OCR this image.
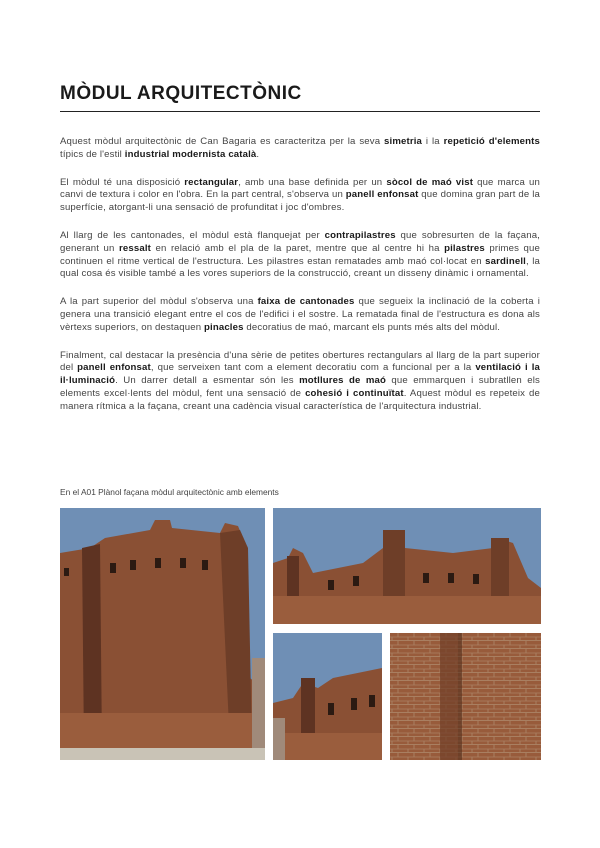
MÒDUL ARQUITECTÒNIC

Aquest mòdul arquitectònic de Can Bagaria es caracteritza per la seva simetria i la repetició d'elements típics de l'estil industrial modernista català.

El mòdul té una disposició rectangular, amb una base definida per un sòcol de maó vist que marca un canvi de textura i color en l'obra. En la part central, s'observa un panell enfonsat que domina gran part de la superfície, atorgant-li una sensació de profunditat i joc d'ombres.

Al llarg de les cantonades, el mòdul està flanquejat per contrapilastres que sobresurten de la façana, generant un ressalt en relació amb el pla de la paret, mentre que al centre hi ha pilastres primes que continuen el ritme vertical de l'estructura. Les pilastres estan rematades amb maó col·locat en sardinell, la qual cosa és visible també a les vores superiors de la construcció, creant un disseny dinàmic i ornamental.

A la part superior del mòdul s'observa una faixa de cantonades que segueix la inclinació de la coberta i genera una transició elegant entre el cos de l'edifici i el sostre. La rematada final de l'estructura es dona als vèrtexs superiors, on destaquen pinacles decoratius de maó, marcant els punts més alts del mòdul.

Finalment, cal destacar la presència d'una sèrie de petites obertures rectangulars al llarg de la part superior del panell enfonsat, que serveixen tant com a element decoratiu com a funcional per a la ventilació i la il·luminació. Un darrer detall a esmentar són les motllures de maó que emmarquen i subratllen els elements excel·lents del mòdul, fent una sensació de cohesió i continuïtat. Aquest mòdul es repeteix de manera rítmica a la façana, creant una cadència visual característica de l'arquitectura industrial.

En el A01 Plànol façana mòdul arquitectònic amb elements
